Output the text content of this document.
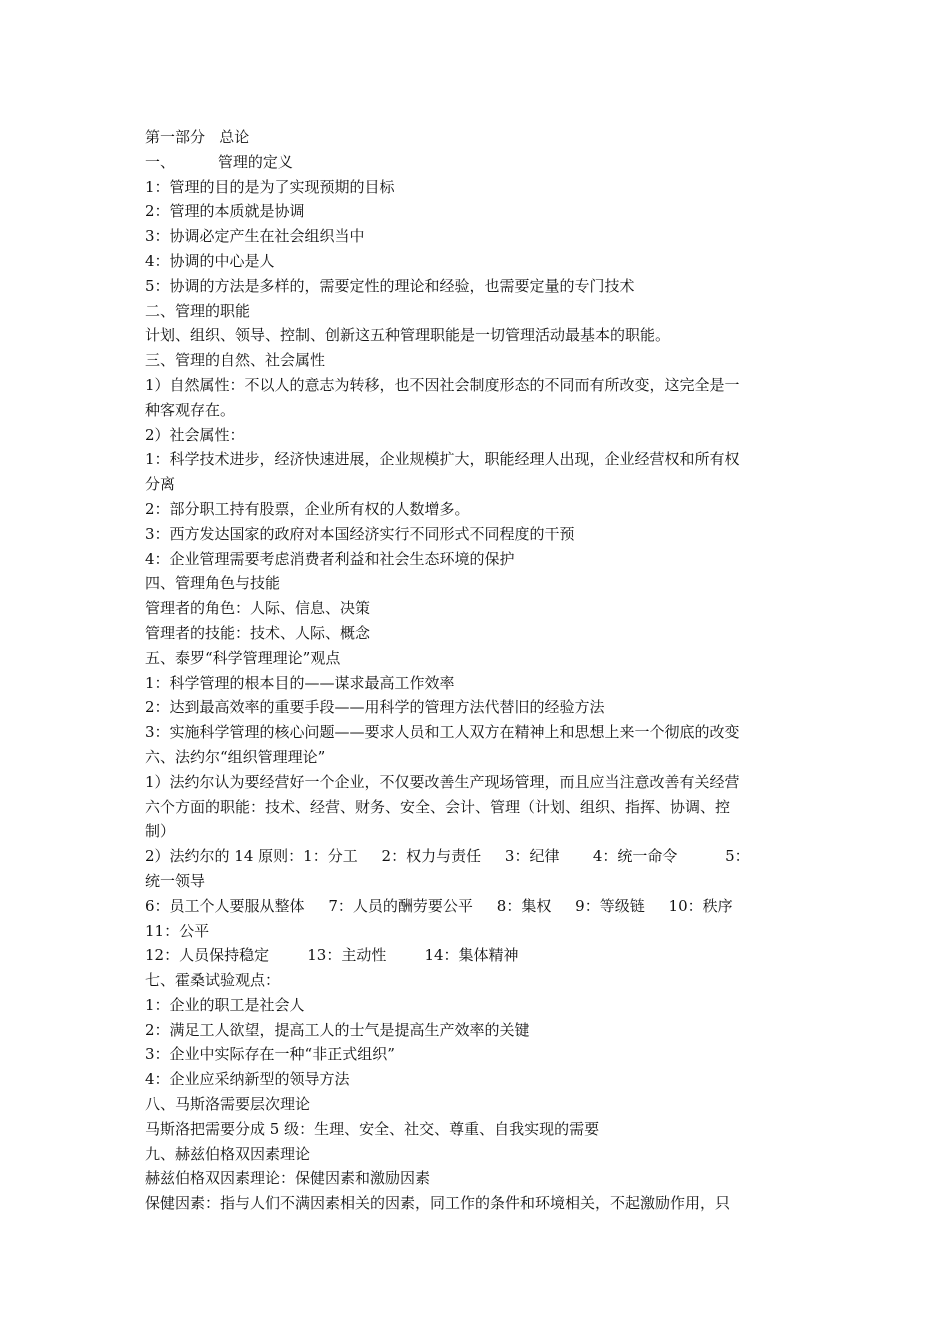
第一部分   总论
一、         管理的定义
1：管理的目的是为了实现预期的目标
2：管理的本质就是协调
3：协调必定产生在社会组织当中
4：协调的中心是人
5：协调的方法是多样的，需要定性的理论和经验，也需要定量的专门技术
二、管理的职能
计划、组织、领导、控制、创新这五种管理职能是一切管理活动最基本的职能。
三、管理的自然、社会属性
1）自然属性：不以人的意志为转移，也不因社会制度形态的不同而有所改变，这完全是一
种客观存在。
2）社会属性：
1：科学技术进步，经济快速进展，企业规模扩大，职能经理人出现，企业经营权和所有权
分离
2：部分职工持有股票，企业所有权的人数增多。
3：西方发达国家的政府对本国经济实行不同形式不同程度的干预
4：企业管理需要考虑消费者利益和社会生态环境的保护
四、管理角色与技能
管理者的角色：人际、信息、决策
管理者的技能：技术、人际、概念
五、泰罗“科学管理理论”观点
1：科学管理的根本目的——谋求最高工作效率
2：达到最高效率的重要手段——用科学的管理方法代替旧的经验方法
3：实施科学管理的核心问题——要求人员和工人双方在精神上和思想上来一个彻底的改变
六、法约尔“组织管理理论”
1）法约尔认为要经营好一个企业，不仅要改善生产现场管理，而且应当注意改善有关经营
六个方面的职能：技术、经营、财务、安全、会计、管理（计划、组织、指挥、协调、控
制）
2）法约尔的 14 原则：1：分工     2：权力与责任     3：纪律       4：统一命令          5：
统一领导
6：员工个人要服从整体     7：人员的酬劳要公平     8：集权     9：等级链     10：秩序
11：公平
12：人员保持稳定        13：主动性        14：集体精神
七、霍桑试验观点：
1：企业的职工是社会人
2：满足工人欲望，提高工人的士气是提高生产效率的关键
3：企业中实际存在一种“非正式组织”
4：企业应采纳新型的领导方法
八、马斯洛需要层次理论
马斯洛把需要分成 5 级：生理、安全、社交、尊重、自我实现的需要
九、赫兹伯格双因素理论
赫兹伯格双因素理论：保健因素和激励因素
保健因素：指与人们不满因素相关的因素，同工作的条件和环境相关，不起激励作用，只
